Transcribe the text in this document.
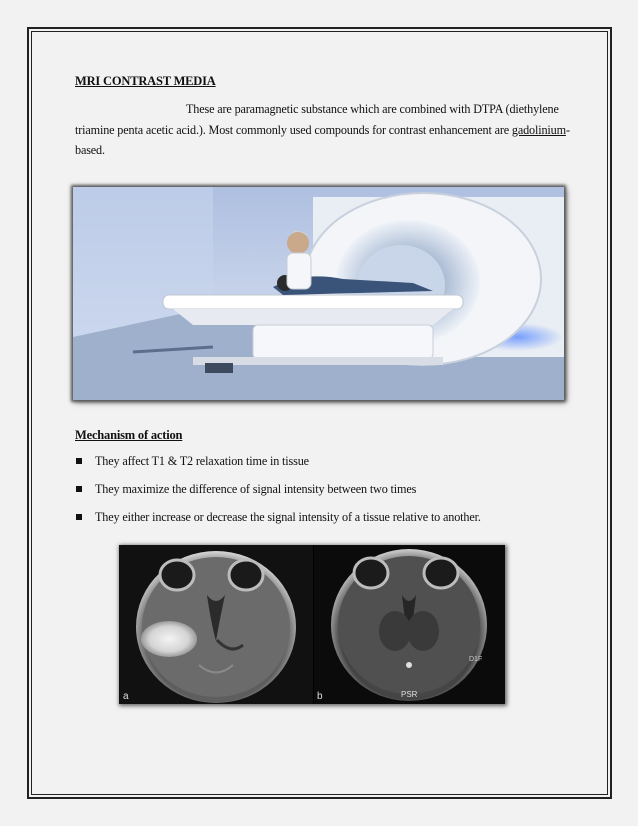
MRI CONTRAST MEDIA
These are paramagnetic substance which are combined with DTPA (diethylene triamine penta acetic acid.). Most commonly used compounds for contrast enhancement are gadolinium-based.
Mechanism of action
They affect T1 & T2 relaxation time in tissue
They maximize the difference of signal intensity between two times
They either increase or decrease the signal intensity of a tissue relative to another.
a	PSR
D1F
b
